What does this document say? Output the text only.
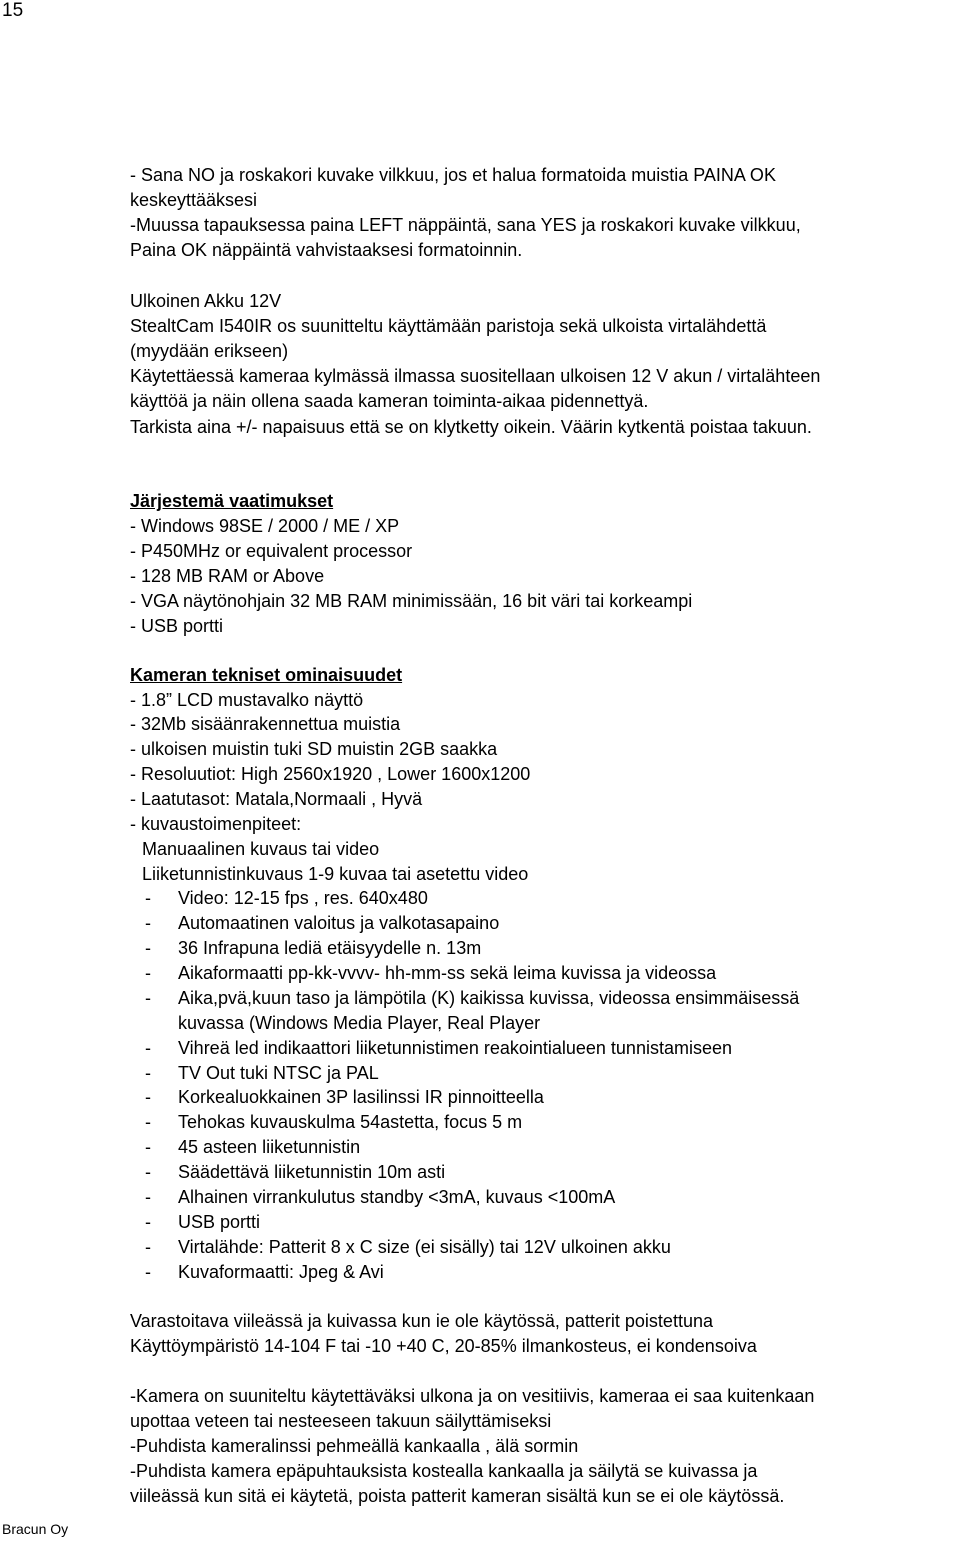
15
- Sana NO ja roskakori kuvake vilkkuu, jos et halua formatoida muistia PAINA OK
keskeyttääksesi
-Muussa tapauksessa paina LEFT näppäintä, sana YES ja roskakori kuvake vilkkuu,
Paina OK näppäintä vahvistaaksesi formatoinnin.
Ulkoinen Akku 12V
StealtCam I540IR os suunitteltu käyttämään paristoja sekä ulkoista virtalähdettä
(myydään erikseen)
Käytettäessä kameraa kylmässä ilmassa suositellaan ulkoisen 12 V akun / virtalähteen
käyttöä ja näin ollena saada kameran toiminta-aikaa pidennettyä.
Tarkista aina +/- napaisuus että se on klytketty oikein. Väärin kytkentä poistaa takuun.
Järjestemä vaatimukset
- Windows 98SE / 2000 / ME / XP
- P450MHz or equivalent processor
- 128 MB RAM or Above
- VGA näytönohjain 32 MB RAM minimissään, 16 bit väri tai korkeampi
- USB portti
Kameran tekniset ominaisuudet
- 1.8” LCD mustavalko näyttö
- 32Mb sisäänrakennettua muistia
- ulkoisen muistin tuki SD muistin 2GB saakka
- Resoluutiot: High 2560x1920 , Lower 1600x1200
- Laatutasot: Matala,Normaali , Hyvä
- kuvaustoimenpiteet:
Manuaalinen kuvaus tai video
Liiketunnistinkuvaus 1-9 kuvaa tai asetettu video
- Video: 12-15 fps , res. 640x480
- Automaatinen valoitus ja valkotasapaino
- 36 Infrapuna lediä etäisyydelle n. 13m
- Aikaformaatti pp-kk-vvvv- hh-mm-ss sekä leima kuvissa ja videossa
- Aika,pvä,kuun taso ja lämpötila (K) kaikissa kuvissa, videossa ensimmäisessä
kuvassa (Windows Media Player, Real Player
- Vihreä led indikaattori liiketunnistimen reakointialueen tunnistamiseen
- TV Out tuki NTSC ja PAL
- Korkealuokkainen 3P lasilinssi IR pinnoitteella
- Tehokas kuvauskulma 54astetta, focus 5 m
- 45 asteen liiketunnistin
- Säädettävä liiketunnistin 10m asti
- Alhainen virrankulutus standby <3mA, kuvaus <100mA
- USB portti
- Virtalähde: Patterit 8 x C size (ei sisälly) tai 12V ulkoinen akku
- Kuvaformaatti: Jpeg & Avi
Varastoitava viileässä ja kuivassa kun ie ole käytössä, patterit poistettuna
Käyttöympäristö 14-104 F tai -10 +40 C, 20-85% ilmankosteus, ei kondensoiva
-Kamera on suuniteltu käytettäväksi ulkona ja on vesitiivis, kameraa ei saa kuitenkaan
upottaa veteen tai nesteeseen takuun säilyttämiseksi
-Puhdista kameralinssi pehmeällä kankaalla , älä sormin
-Puhdista kamera epäpuhtauksista kostealla kankaalla ja säilytä se kuivassa ja
viileässä kun sitä ei käytetä, poista patterit kameran sisältä kun se ei ole käytössä.
Bracun Oy
